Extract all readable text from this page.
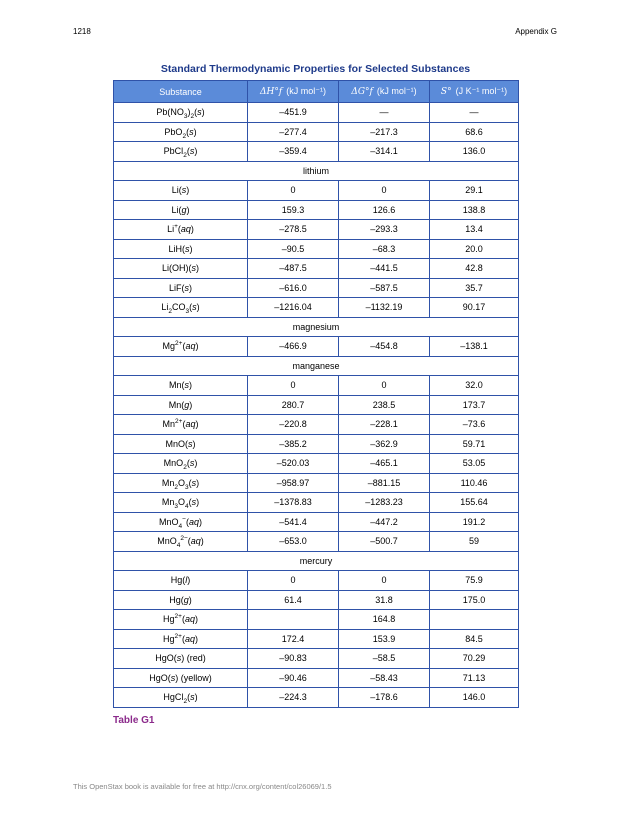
1218	Appendix G
Standard Thermodynamic Properties for Selected Substances
Substance	ΔH°f (kJ mol⁻¹)	ΔG°f (kJ mol⁻¹)	S° (J K⁻¹ mol⁻¹)
$Pb(NO_3)_2(s)$	–451.9	—	—
PbO$_2$(s)	–277.4	–217.3	68.6
PbCl$_2$(s)	–359.4	–314.1	136.0
lithium			
Li(s)	0	0	29.1
Li(g)	159.3	126.6	138.8
Li+(aq)	–278.5	–293.3	13.4
LiH(s)	–90.5	–68.3	20.0
Li(OH)(s)	–487.5	–441.5	42.8
LiF(s)	–616.0	–587.5	35.7
$Li_2CO_3(s)$	–1216.04	–1132.19	90.17
magnesium			
$Mg^{2+}(aq)$	–466.9	–454.8	–138.1
manganese			
Mn(s)	0	0	32.0
Mn(g)	280.7	238.5	173.7
$Mn^{2+}(aq)$	–220.8	–228.1	–73.6
MnO(s)	–385.2	–362.9	59.71
MnO$_2$(s)	–520.03	–465.1	53.05
$Mn_2O_3(s)$	–958.97	–881.15	110.46
$Mn_3O_4(s)$	–1378.83	–1283.23	155.64
MnO$_4$−(aq)	–541.4	–447.2	191.2
MnO$_4^{2-}$(aq)	–653.0	–500.7	59
mercury			
Hg(l)	0	0	75.9
Hg(g)	61.4	31.8	175.0
$Hg^{2+}(aq)$		164.8	
$Hg^{2+}(aq)$	172.4	153.9	84.5
HgO(s) (red)	–90.83	–58.5	70.29
HgO(s) (yellow)	–90.46	–58.43	71.13
HgCl$_2$(s)	–224.3	–178.6	146.0
Table G1
This OpenStax book is available for free at http://cnx.org/content/col26069/1.5
